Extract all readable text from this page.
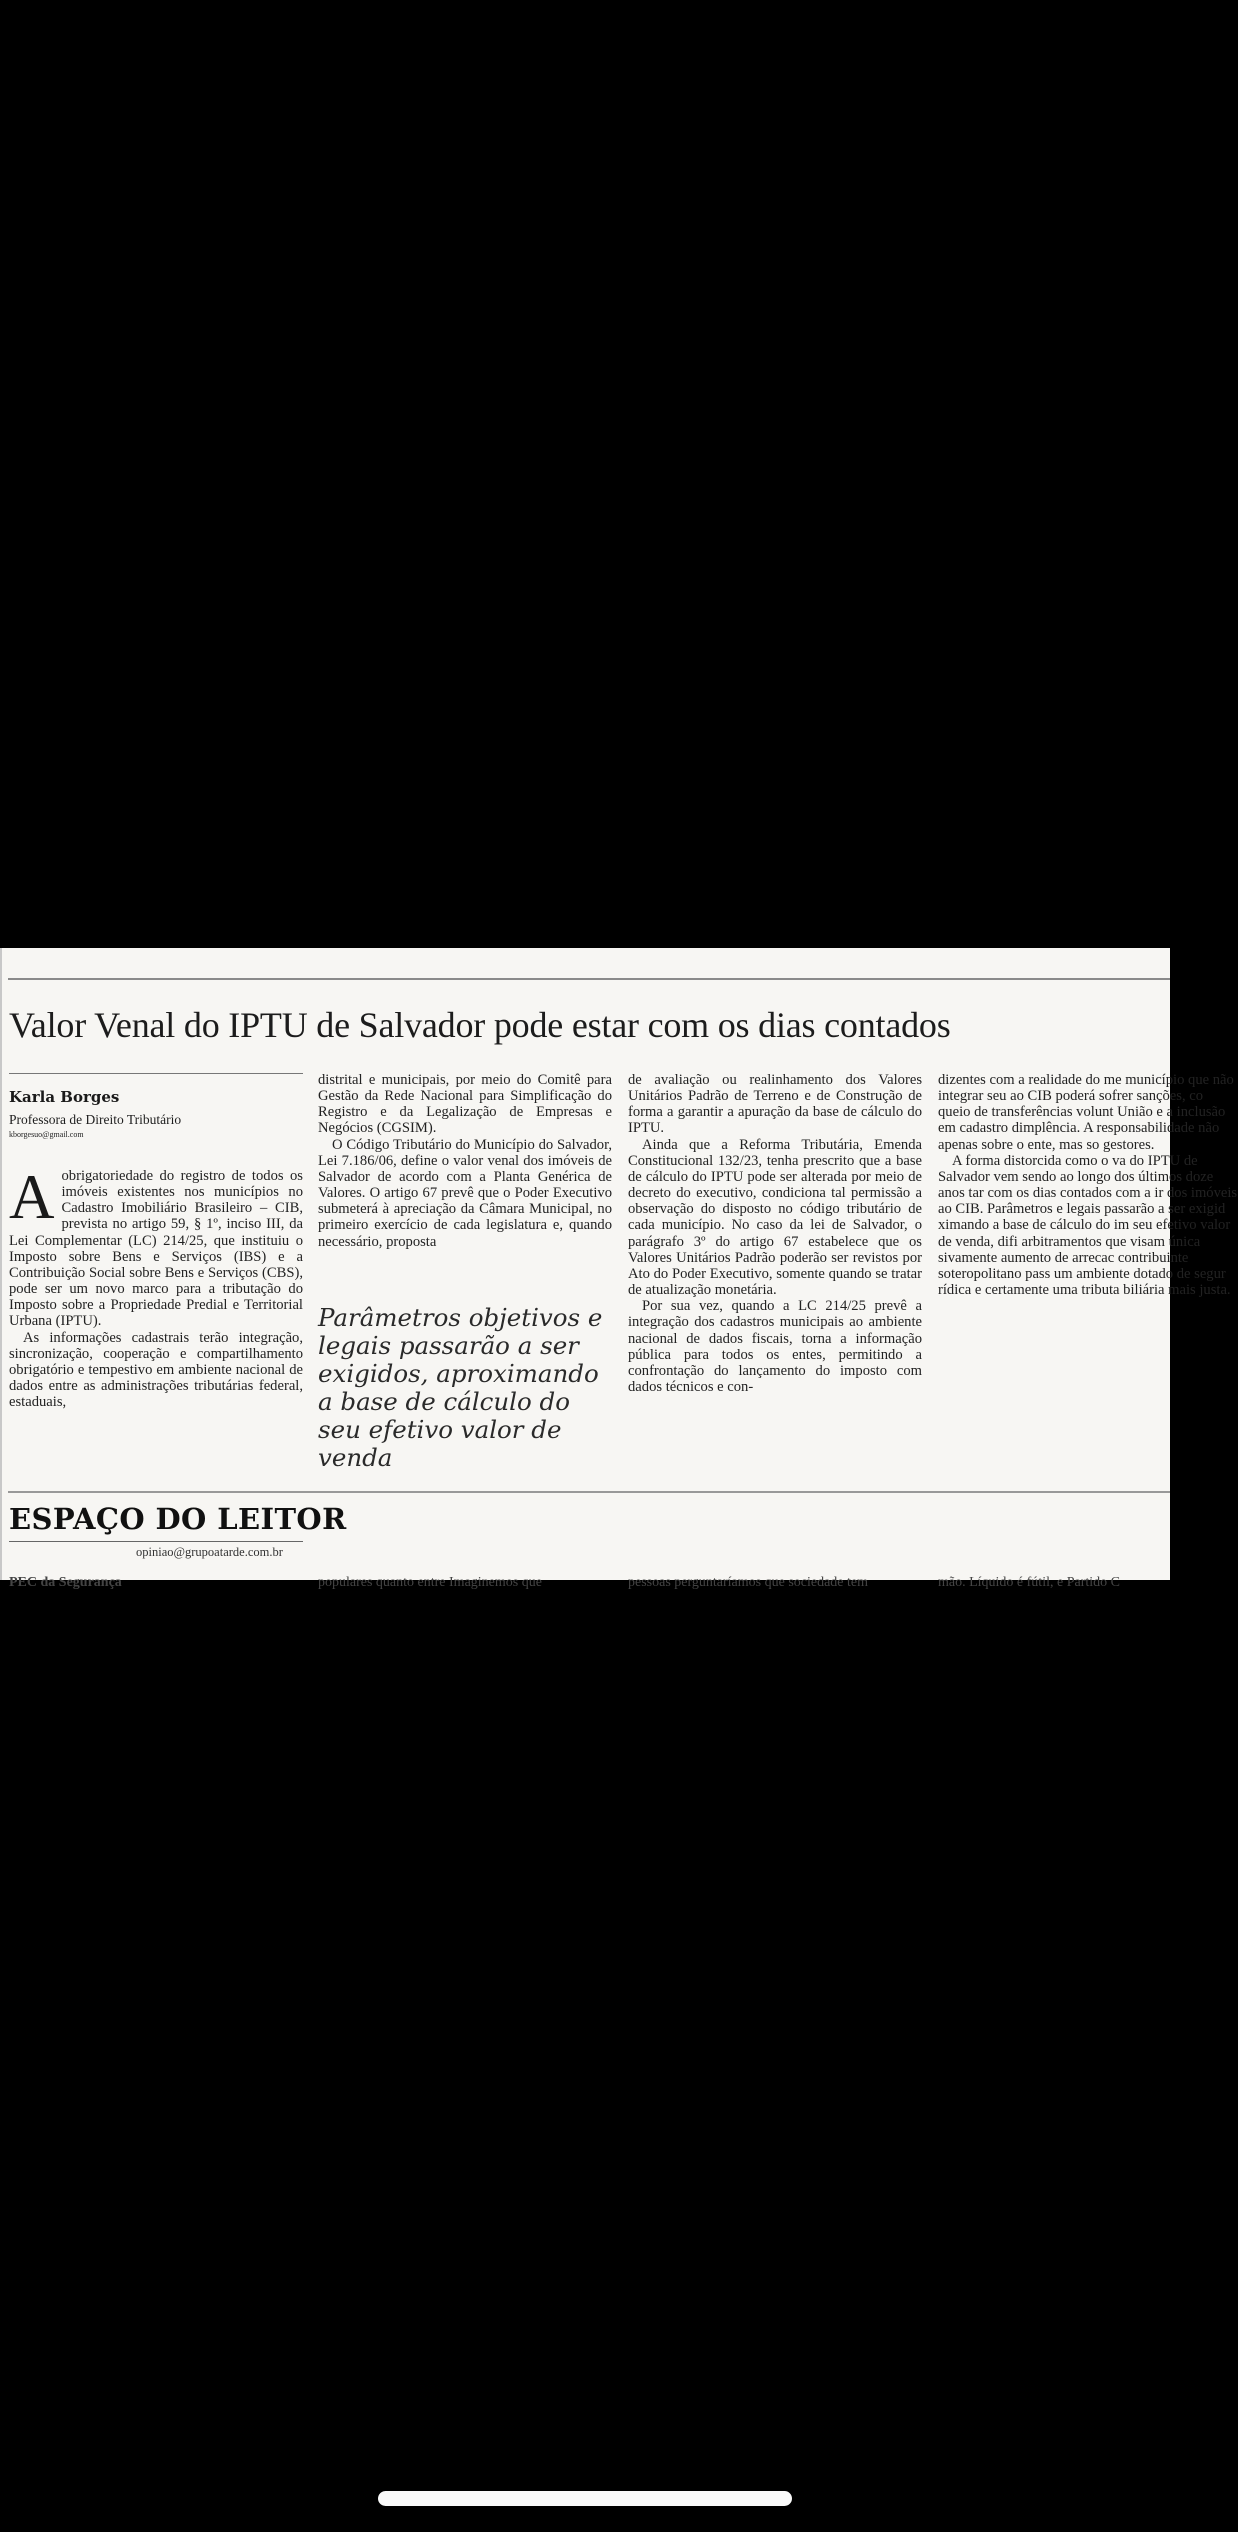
Valor Venal do IPTU de Salvador pode estar com os dias contados
Karla Borges
Professora de Direito Tributário
kborgesuo@gmail.com

A obrigatoriedade do registro de todos os imóveis existentes nos municípios no Cadastro Imobiliário Brasileiro – CIB, prevista no artigo 59, § 1º, inciso III, da Lei Complementar (LC) 214/25, que instituiu o Imposto sobre Bens e Serviços (IBS) e a Contribuição Social sobre Bens e Serviços (CBS), pode ser um novo marco para a tributação do Imposto sobre a Propriedade Predial e Territorial Urbana (IPTU).

As informações cadastrais terão integração, sincronização, cooperação e compartilhamento obrigatório e tempestivo em ambiente nacional de dados entre as administrações tributárias federal, estaduais,

distrital e municipais, por meio do Comitê para Gestão da Rede Nacional para Simplificação do Registro e da Legalização de Empresas e Negócios (CGSIM).

O Código Tributário do Município do Salvador, Lei 7.186/06, define o valor venal dos imóveis de Salvador de acordo com a Planta Genérica de Valores. O artigo 67 prevê que o Poder Executivo submeterá à apreciação da Câmara Municipal, no primeiro exercício de cada legislatura e, quando necessário, proposta

Parâmetros objetivos e legais passarão a ser exigidos, aproximando a base de cálculo do seu efetivo valor de venda

de avaliação ou realinhamento dos Valores Unitários Padrão de Terreno e de Construção de forma a garantir a apuração da base de cálculo do IPTU.

Ainda que a Reforma Tributária, Emenda Constitucional 132/23, tenha prescrito que a base de cálculo do IPTU pode ser alterada por meio de decreto do executivo, condiciona tal permissão a observação do disposto no código tributário de cada município. No caso da lei de Salvador, o parágrafo 3º do artigo 67 estabelece que os Valores Unitários Padrão poderão ser revistos por Ato do Poder Executivo, somente quando se tratar de atualização monetária.

Por sua vez, quando a LC 214/25 prevê a integração dos cadastros municipais ao ambiente nacional de dados fiscais, torna a informação pública para todos os entes, permitindo a confrontação do lançamento do imposto com dados técnicos e con-

dizentes com a realidade do me município que não integrar seu ao CIB poderá sofrer sanções, co queio de transferências volunt União e a inclusão em cadastro dimplência. A responsabilidade não apenas sobre o ente, mas so gestores.

A forma distorcida como o va do IPTU de Salvador vem sendo ao longo dos últimos doze anos tar com os dias contados com a ir dos imóveis ao CIB. Parâmetros e legais passarão a ser exigid ximando a base de cálculo do im seu efetivo valor de venda, difi arbitramentos que visam única sivamente aumento de arrecac contribuinte soteropolitano pass um ambiente dotado de segur rídica e certamente uma tributa biliária mais justa.

ESPAÇO DO LEITOR
opiniao@grupoatarde.com.br
PEC da Segurança	populares quanto entre Imaginemos que	pessoas perguntaríamos que sociedade tem	mão. Líquido é fútil, e Partido C
